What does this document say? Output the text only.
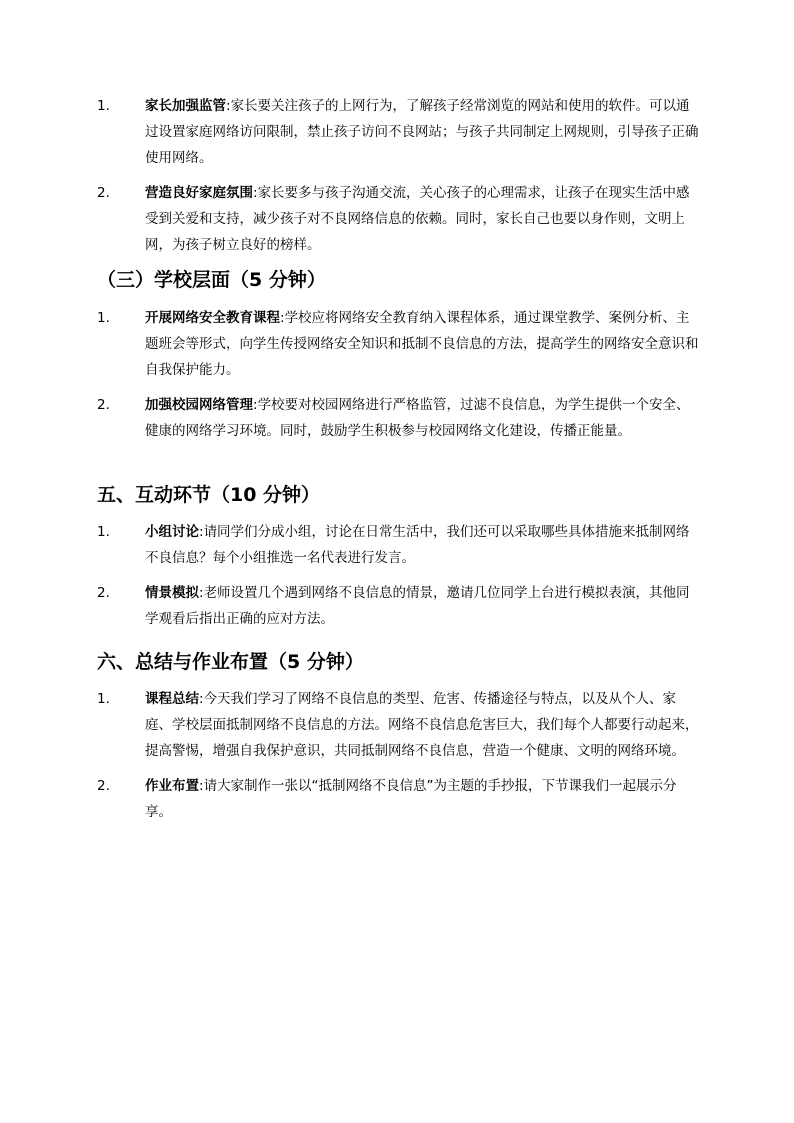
1.	家长加强监管:家长要关注孩子的上网行为，了解孩子经常浏览的网站和使用的软件。可以通过设置家庭网络访问限制，禁止孩子访问不良网站；与孩子共同制定上网规则，引导孩子正确使用网络。
2.	营造良好家庭氛围:家长要多与孩子沟通交流，关心孩子的心理需求，让孩子在现实生活中感受到关爱和支持，减少孩子对不良网络信息的依赖。同时，家长自己也要以身作则，文明上网，为孩子树立良好的榜样。
（三）学校层面（5 分钟）
1.	开展网络安全教育课程:学校应将网络安全教育纳入课程体系，通过课堂教学、案例分析、主题班会等形式，向学生传授网络安全知识和抵制不良信息的方法，提高学生的网络安全意识和自我保护能力。
2.	加强校园网络管理:学校要对校园网络进行严格监管，过滤不良信息，为学生提供一个安全、健康的网络学习环境。同时，鼓励学生积极参与校园网络文化建设，传播正能量。
五、互动环节（10 分钟）
1.	小组讨论:请同学们分成小组，讨论在日常生活中，我们还可以采取哪些具体措施来抵制网络不良信息？每个小组推选一名代表进行发言。
2.	情景模拟:老师设置几个遇到网络不良信息的情景，邀请几位同学上台进行模拟表演，其他同学观看后指出正确的应对方法。
六、总结与作业布置（5 分钟）
1.	课程总结:今天我们学习了网络不良信息的类型、危害、传播途径与特点，以及从个人、家庭、学校层面抵制网络不良信息的方法。网络不良信息危害巨大，我们每个人都要行动起来，提高警惕，增强自我保护意识，共同抵制网络不良信息，营造一个健康、文明的网络环境。
2.	作业布置:请大家制作一张以“抵制网络不良信息”为主题的手抄报，下节课我们一起展示分享。
